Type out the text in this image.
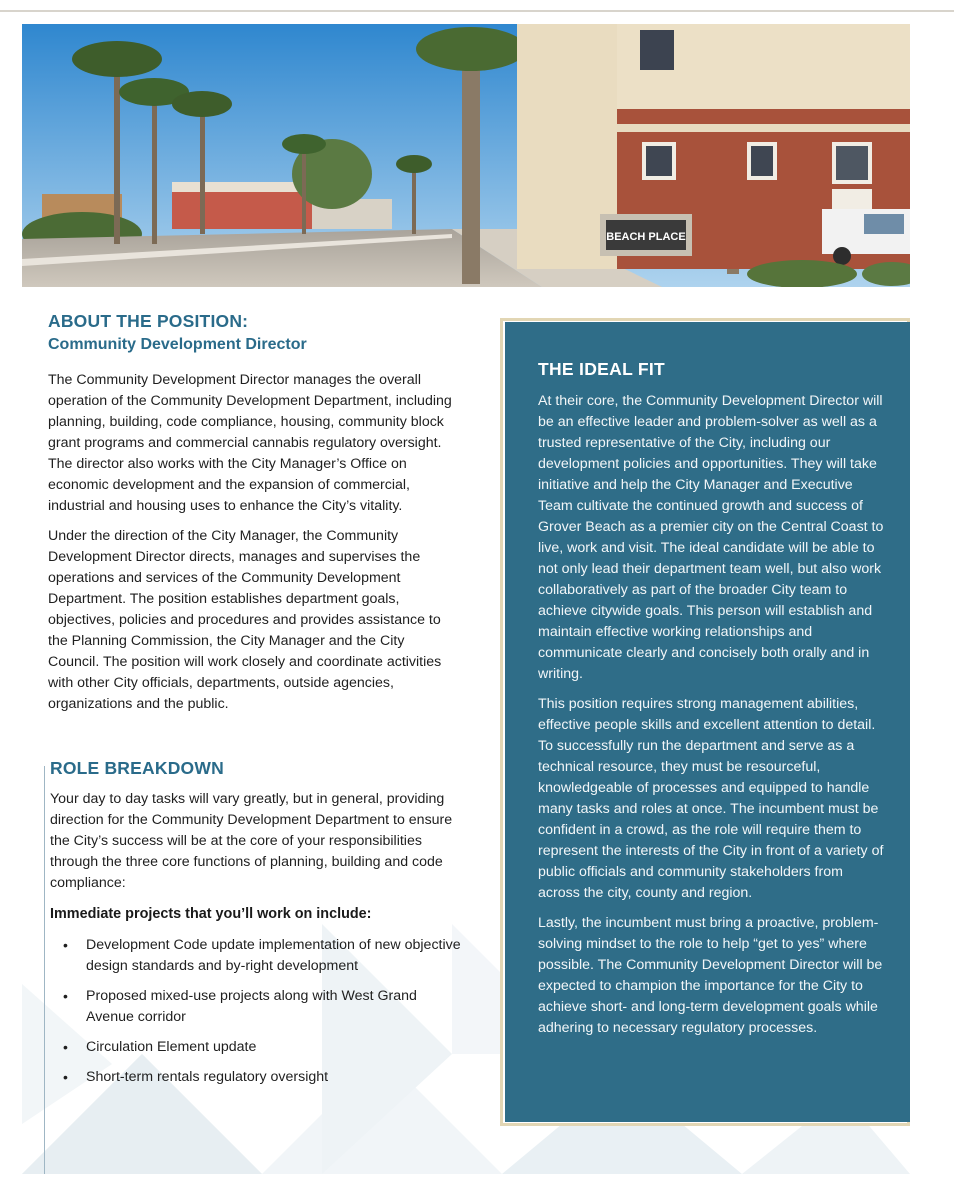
BEACH PLACE
ABOUT THE POSITION:
Community Development Director

The Community Development Director manages the overall operation of the Community Development Department, including planning, building, code compliance, housing, community block grant programs and commercial cannabis regulatory oversight. The director also works with the City Manager’s Office on economic development and the expansion of commercial, industrial and housing uses to enhance the City’s vitality.

Under the direction of the City Manager, the Community Development Director directs, manages and supervises the operations and services of the Community Development Department. The position establishes department goals, objectives, policies and procedures and provides assistance to the Planning Commission, the City Manager and the City Council. The position will work closely and coordinate activities with other City officials, departments, outside agencies, organizations and the public.

ROLE BREAKDOWN

Your day to day tasks will vary greatly, but in general, providing direction for the Community Development Department to ensure the City’s success will be at the core of your responsibilities through the three core functions of planning, building and code compliance:

Immediate projects that you’ll work on include:

• Development Code update implementation of new objective design standards and by-right development
• Proposed mixed-use projects along with West Grand Avenue corridor
• Circulation Element update
• Short-term rentals regulatory oversight
THE IDEAL FIT

At their core, the Community Development Director will be an effective leader and problem-solver as well as a trusted representative of the City, including our development policies and opportunities. They will take initiative and help the City Manager and Executive Team cultivate the continued growth and success of Grover Beach as a premier city on the Central Coast to live, work and visit. The ideal candidate will be able to not only lead their department team well, but also work collaboratively as part of the broader City team to achieve citywide goals. This person will establish and maintain effective working relationships and communicate clearly and concisely both orally and in writing.

This position requires strong management abilities, effective people skills and excellent attention to detail. To successfully run the department and serve as a technical resource, they must be resourceful, knowledgeable of processes and equipped to handle many tasks and roles at once. The incumbent must be confident in a crowd, as the role will require them to represent the interests of the City in front of a variety of public officials and community stakeholders from across the city, county and region.

Lastly, the incumbent must bring a proactive, problem-solving mindset to the role to help “get to yes” where possible. The Community Development Director will be expected to champion the importance for the City to achieve short- and long-term development goals while adhering to necessary regulatory processes.
